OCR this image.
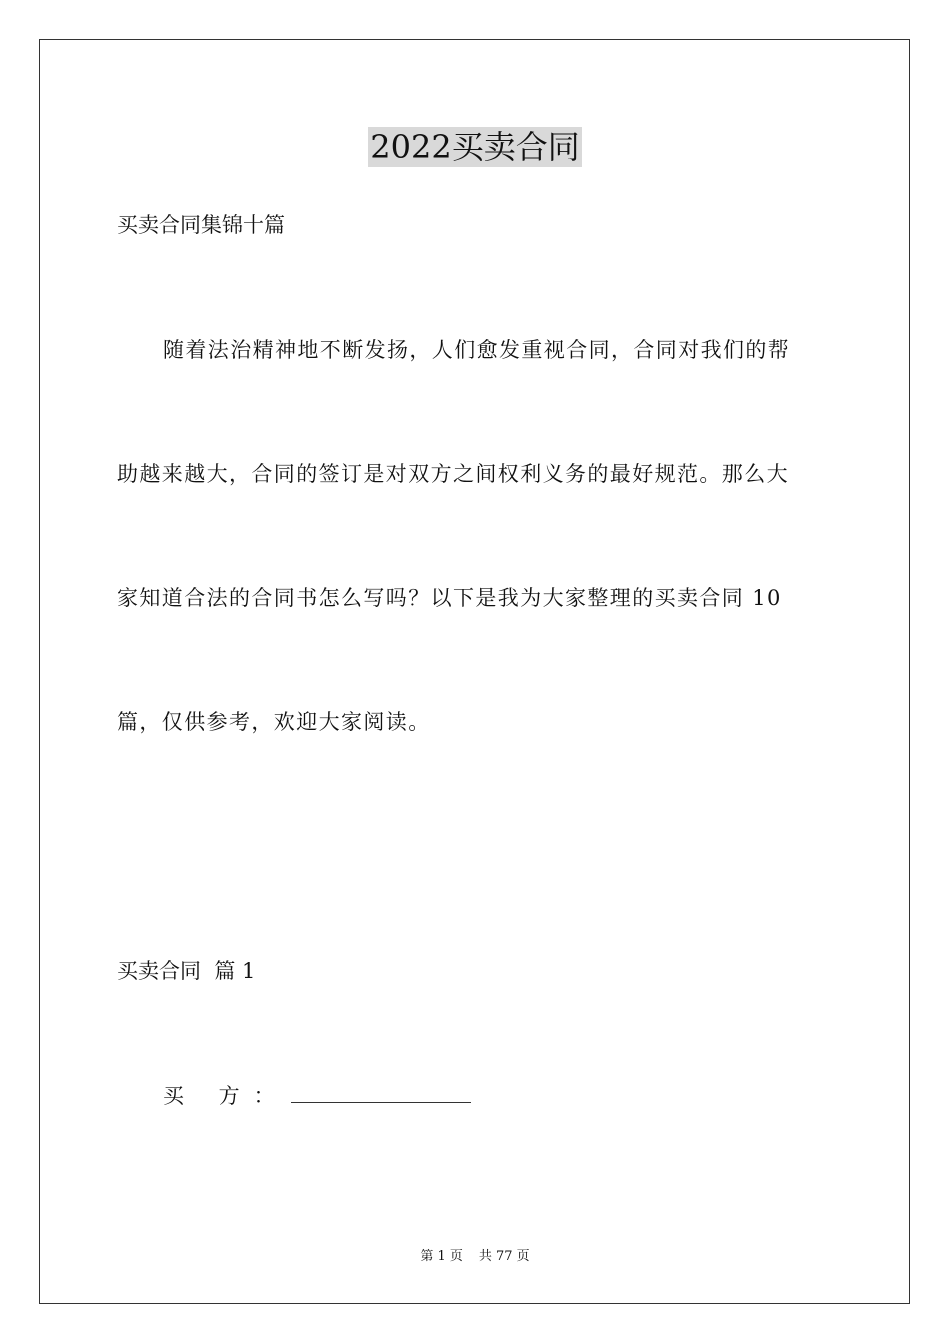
2022买卖合同

买卖合同集锦十篇

随着法治精神地不断发扬，人们愈发重视合同，合同对我们的帮

助越来越大，合同的签订是对双方之间权利义务的最好规范。那么大

家知道合法的合同书怎么写吗？以下是我为大家整理的买卖合同 10

篇，仅供参考，欢迎大家阅读。

买卖合同  篇 1

买 方：

第 1 页 共 77 页
